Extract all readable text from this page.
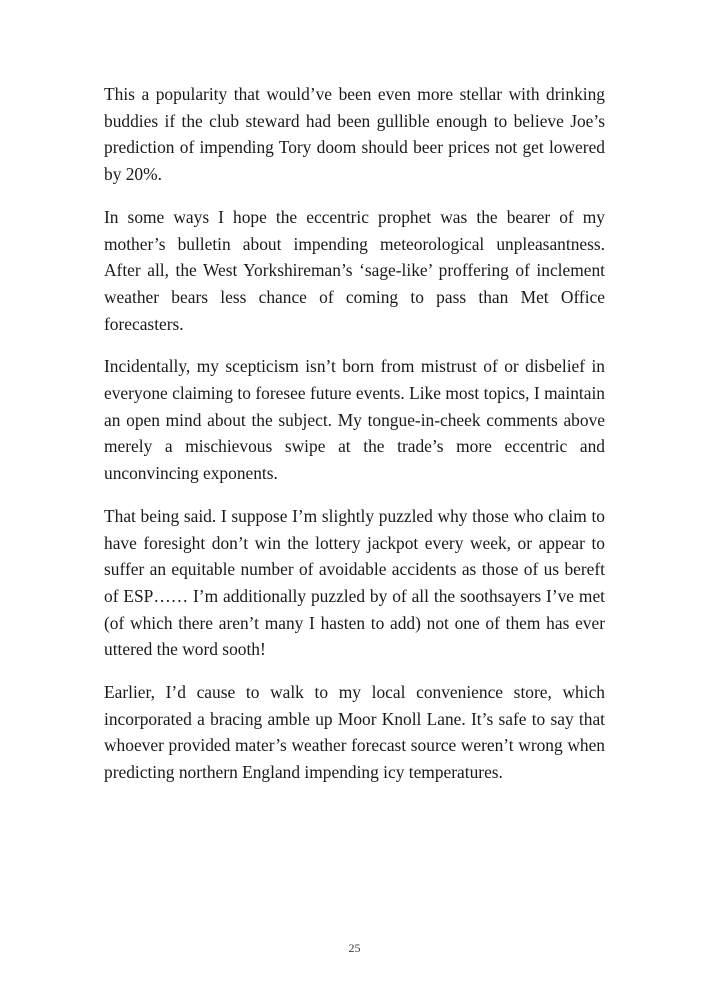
This a popularity that would’ve been even more stellar with drinking buddies if the club steward had been gullible enough to believe Joe’s prediction of impending Tory doom should beer prices not get lowered by 20%.

In some ways I hope the eccentric prophet was the bearer of my mother’s bulletin about impending meteorological unpleasantness. After all, the West Yorkshireman’s ‘sage-like’ proffering of inclement weather bears less chance of coming to pass than Met Office forecasters.

Incidentally, my scepticism isn’t born from mistrust of or disbelief in everyone claiming to foresee future events. Like most topics, I maintain an open mind about the subject. My tongue-in-cheek comments above merely a mischievous swipe at the trade’s more eccentric and unconvincing exponents.

That being said. I suppose I’m slightly puzzled why those who claim to have foresight don’t win the lottery jackpot every week, or appear to suffer an equitable number of avoidable accidents as those of us bereft of ESP…… I’m additionally puzzled by of all the soothsayers I’ve met (of which there aren’t many I hasten to add) not one of them has ever uttered the word sooth!

Earlier, I’d cause to walk to my local convenience store, which incorporated a bracing amble up Moor Knoll Lane. It’s safe to say that whoever provided mater’s weather forecast source weren’t wrong when predicting northern England impending icy temperatures.

25
